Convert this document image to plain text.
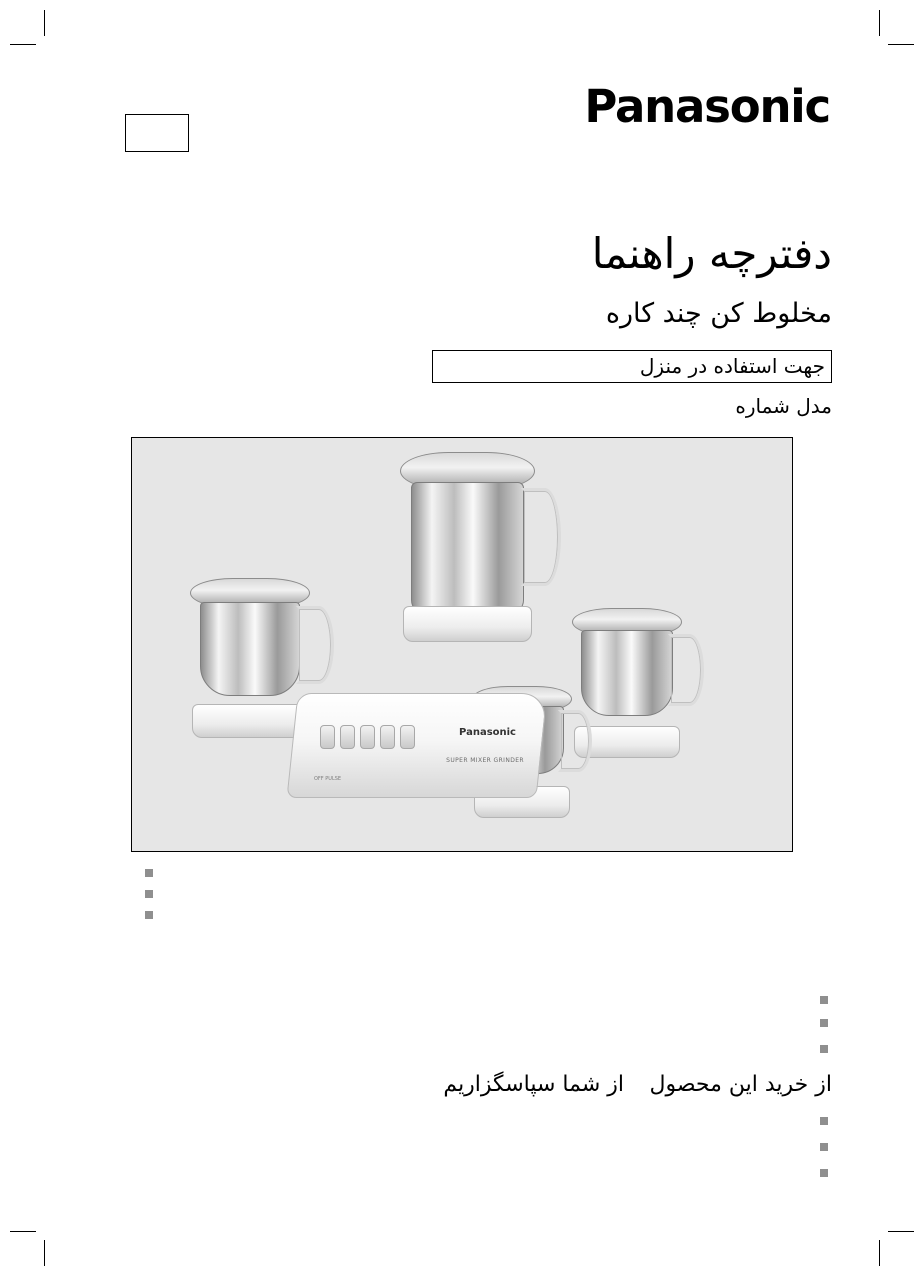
Panasonic
دفترچه راهنما
مخلوط کن چند کاره
جهت استفاده در منزل
مدل شماره
Panasonic
SUPER MIXER GRINDER
OFF PULSE
از خرید این محصول
از شما سپاسگزاریم
